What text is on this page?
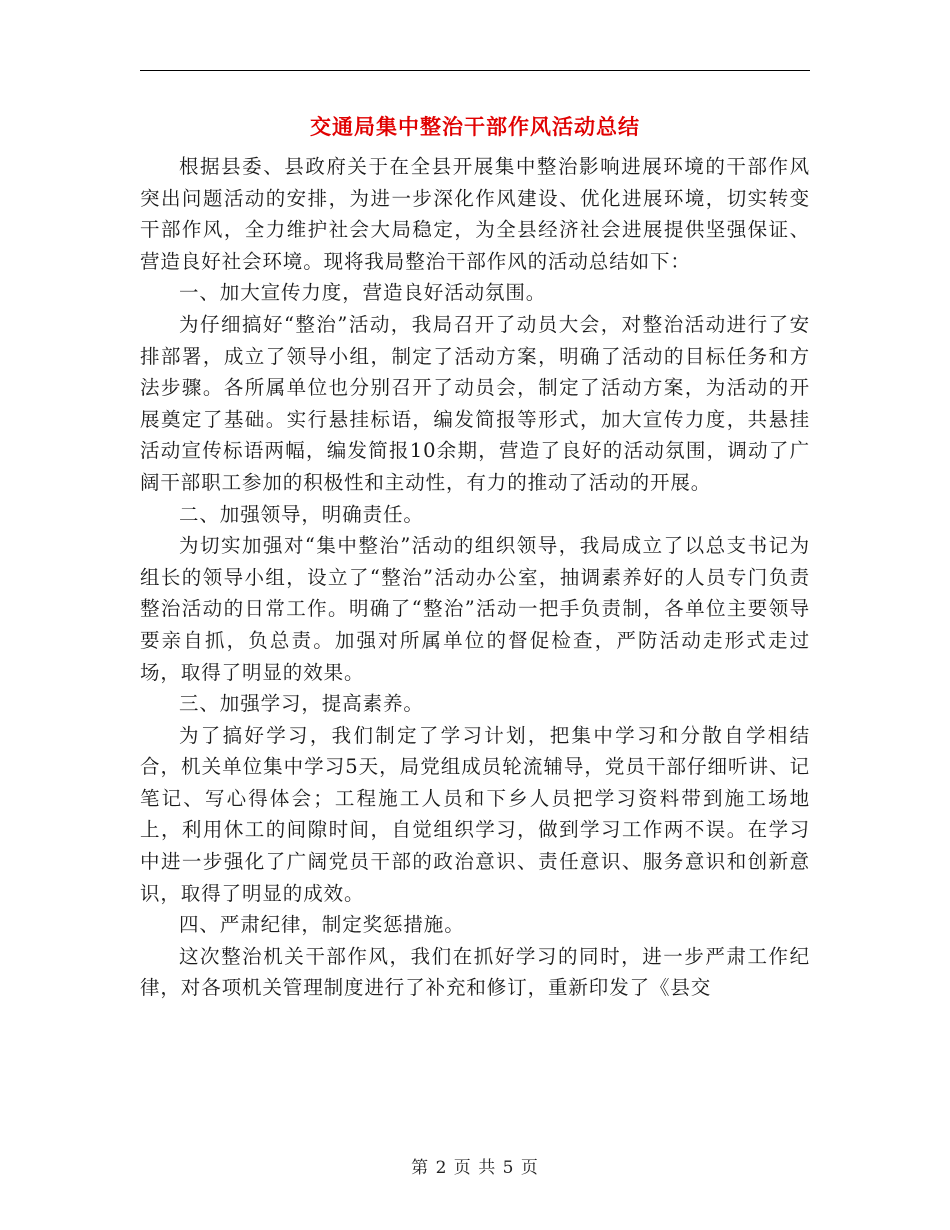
交通局集中整治干部作风活动总结

根据县委、县政府关于在全县开展集中整治影响进展环境的干部作风突出问题活动的安排，为进一步深化作风建设、优化进展环境，切实转变干部作风，全力维护社会大局稳定，为全县经济社会进展提供坚强保证、营造良好社会环境。现将我局整治干部作风的活动总结如下：

一、加大宣传力度，营造良好活动氛围。

为仔细搞好“整治”活动，我局召开了动员大会，对整治活动进行了安排部署，成立了领导小组，制定了活动方案，明确了活动的目标任务和方法步骤。各所属单位也分别召开了动员会，制定了活动方案，为活动的开展奠定了基础。实行悬挂标语，编发简报等形式，加大宣传力度，共悬挂活动宣传标语两幅，编发简报10余期，营造了良好的活动氛围，调动了广阔干部职工参加的积极性和主动性，有力的推动了活动的开展。

二、加强领导，明确责任。

为切实加强对“集中整治”活动的组织领导，我局成立了以总支书记为组长的领导小组，设立了“整治”活动办公室，抽调素养好的人员专门负责整治活动的日常工作。明确了“整治”活动一把手负责制，各单位主要领导要亲自抓，负总责。加强对所属单位的督促检查，严防活动走形式走过场，取得了明显的效果。

三、加强学习，提高素养。

为了搞好学习，我们制定了学习计划，把集中学习和分散自学相结合，机关单位集中学习5天，局党组成员轮流辅导，党员干部仔细听讲、记笔记、写心得体会；工程施工人员和下乡人员把学习资料带到施工场地上，利用休工的间隙时间，自觉组织学习，做到学习工作两不误。在学习中进一步强化了广阔党员干部的政治意识、责任意识、服务意识和创新意识，取得了明显的成效。

四、严肃纪律，制定奖惩措施。

这次整治机关干部作风，我们在抓好学习的同时，进一步严肃工作纪律，对各项机关管理制度进行了补充和修订，重新印发了《县交

第 2 页 共 5 页
